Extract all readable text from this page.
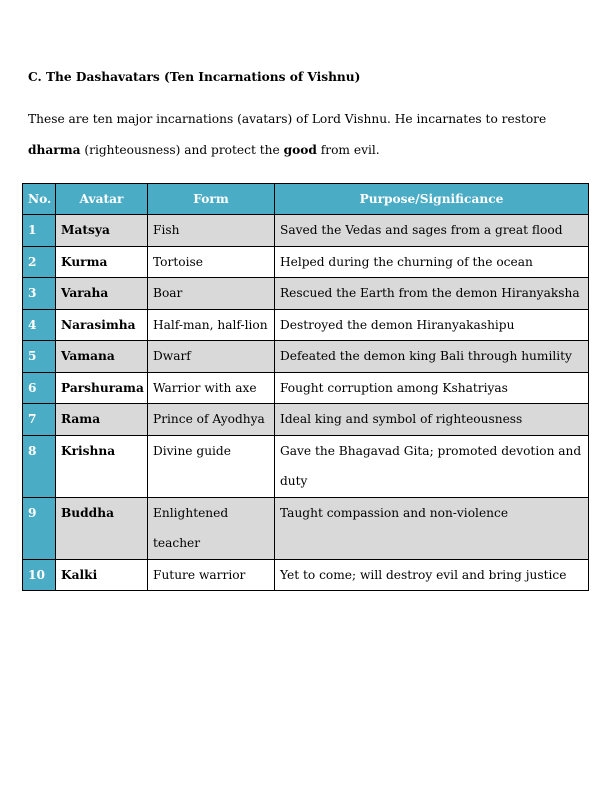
C. The Dashavatars (Ten Incarnations of Vishnu)
These are ten major incarnations (avatars) of Lord Vishnu. He incarnates to restore dharma (righteousness) and protect the good from evil.
No.	Avatar	Form	Purpose/Significance
1	Matsya	Fish	Saved the Vedas and sages from a great flood
2	Kurma	Tortoise	Helped during the churning of the ocean
3	Varaha	Boar	Rescued the Earth from the demon Hiranyaksha
4	Narasimha	Half-man, half-lion	Destroyed the demon Hiranyakashipu
5	Vamana	Dwarf	Defeated the demon king Bali through humility
6	Parshurama	Warrior with axe	Fought corruption among Kshatriyas
7	Rama	Prince of Ayodhya	Ideal king and symbol of righteousness
8	Krishna	Divine guide	Gave the Bhagavad Gita; promoted devotion and duty
9	Buddha	Enlightened teacher	Taught compassion and non-violence
10	Kalki	Future warrior	Yet to come; will destroy evil and bring justice
